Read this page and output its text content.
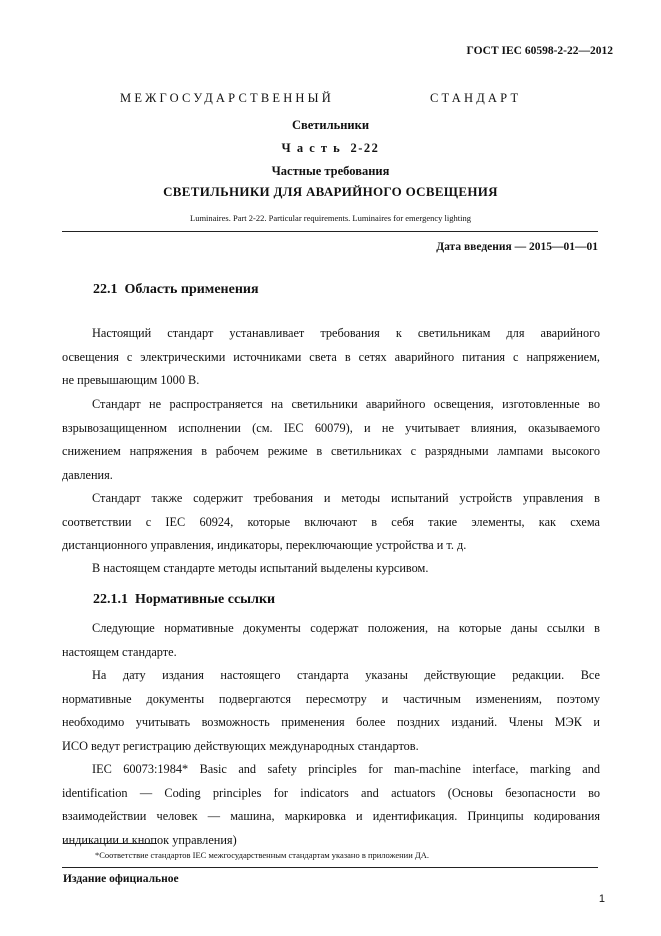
ГОСТ IEC 60598-2-22—2012
МЕЖГОСУДАРСТВЕННЫЙ	СТАНДАРТ
Светильники
Ч а с т ь  2-22
Частные требования
СВЕТИЛЬНИКИ ДЛЯ АВАРИЙНОГО ОСВЕЩЕНИЯ
Luminaires. Part 2-22. Particular requirements. Luminaires for emergency lighting
Дата введения — 2015—01—01
22.1  Область применения
Настоящий стандарт устанавливает требования к светильникам для аварийного
освещения с электрическими источниками света в сетях аварийного питания с напряжением,
не превышающим 1000 В.
Стандарт не распространяется на светильники аварийного освещения, изготовленные во
взрывозащищенном исполнении (см. IEC 60079), и не учитывает влияния, оказываемого
снижением напряжения в рабочем режиме в светильниках с разрядными лампами высокого
давления.
Стандарт также содержит требования и методы испытаний устройств управления в
соответствии с IEC 60924, которые включают в себя такие элементы, как схема
дистанционного управления, индикаторы, переключающие устройства и т. д.
В настоящем стандарте методы испытаний выделены курсивом.
22.1.1  Нормативные ссылки
Следующие нормативные документы содержат положения, на которые даны ссылки в
настоящем стандарте.
На дату издания настоящего стандарта указаны действующие редакции. Все
нормативные документы подвергаются пересмотру и частичным изменениям, поэтому
необходимо учитывать возможность применения более поздних изданий. Члены МЭК и
ИСО ведут регистрацию действующих международных стандартов.
IEC 60073:1984* Basic and safety principles for man-machine interface, marking and
identification — Coding principles for indicators and actuators (Основы безопасности во
взаимодействии человек — машина, маркировка и идентификация. Принципы кодирования
индикации и кнопок управления)
*Соответствие стандартов IEC межгосударственным стандартам указано в приложении ДА.
Издание официальное
1
